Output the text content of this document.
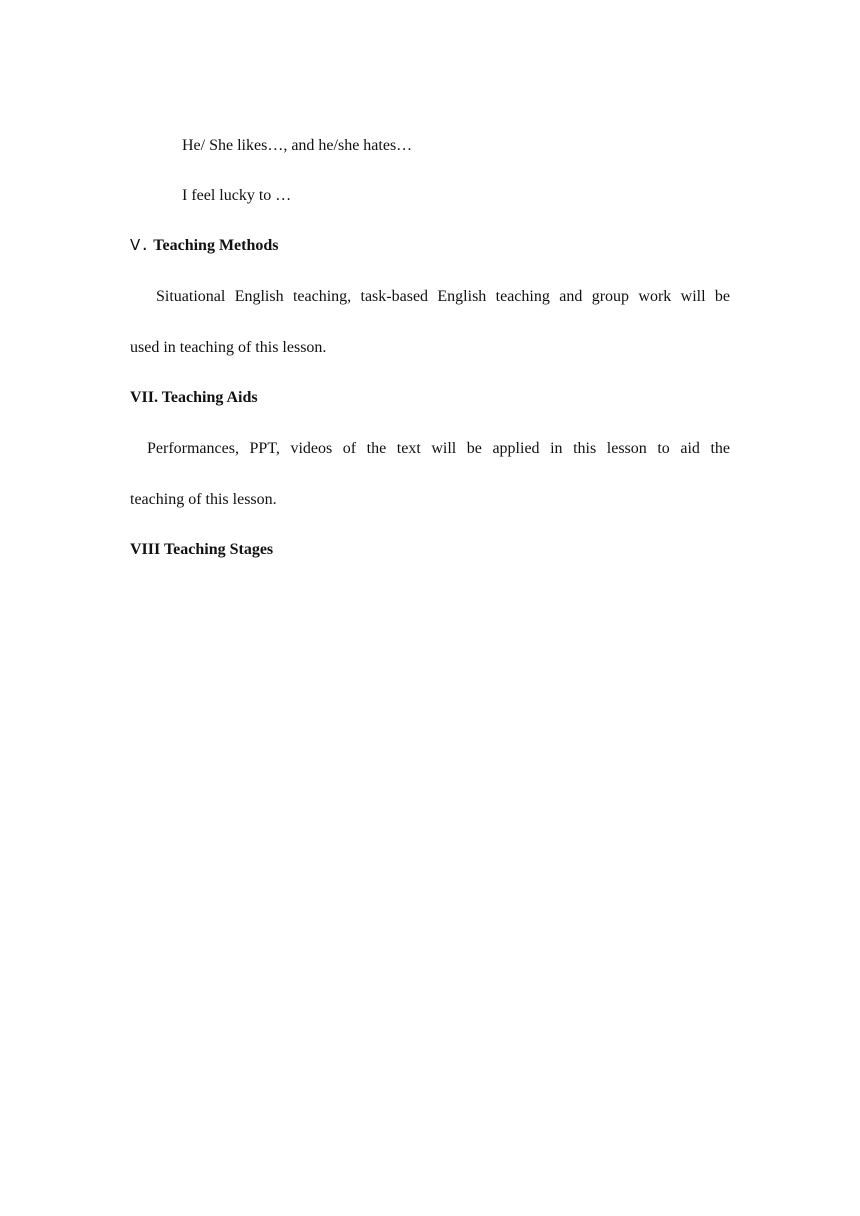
He/ She likes…, and he/she hates…
I feel lucky to …
Ⅴ. Teaching Methods
Situational English teaching, task-based English teaching and group work will be
used in teaching of this lesson.
VII. Teaching Aids
Performances, PPT, videos of the text will be applied in this lesson to aid the
teaching of this lesson.
VIII Teaching Stages
